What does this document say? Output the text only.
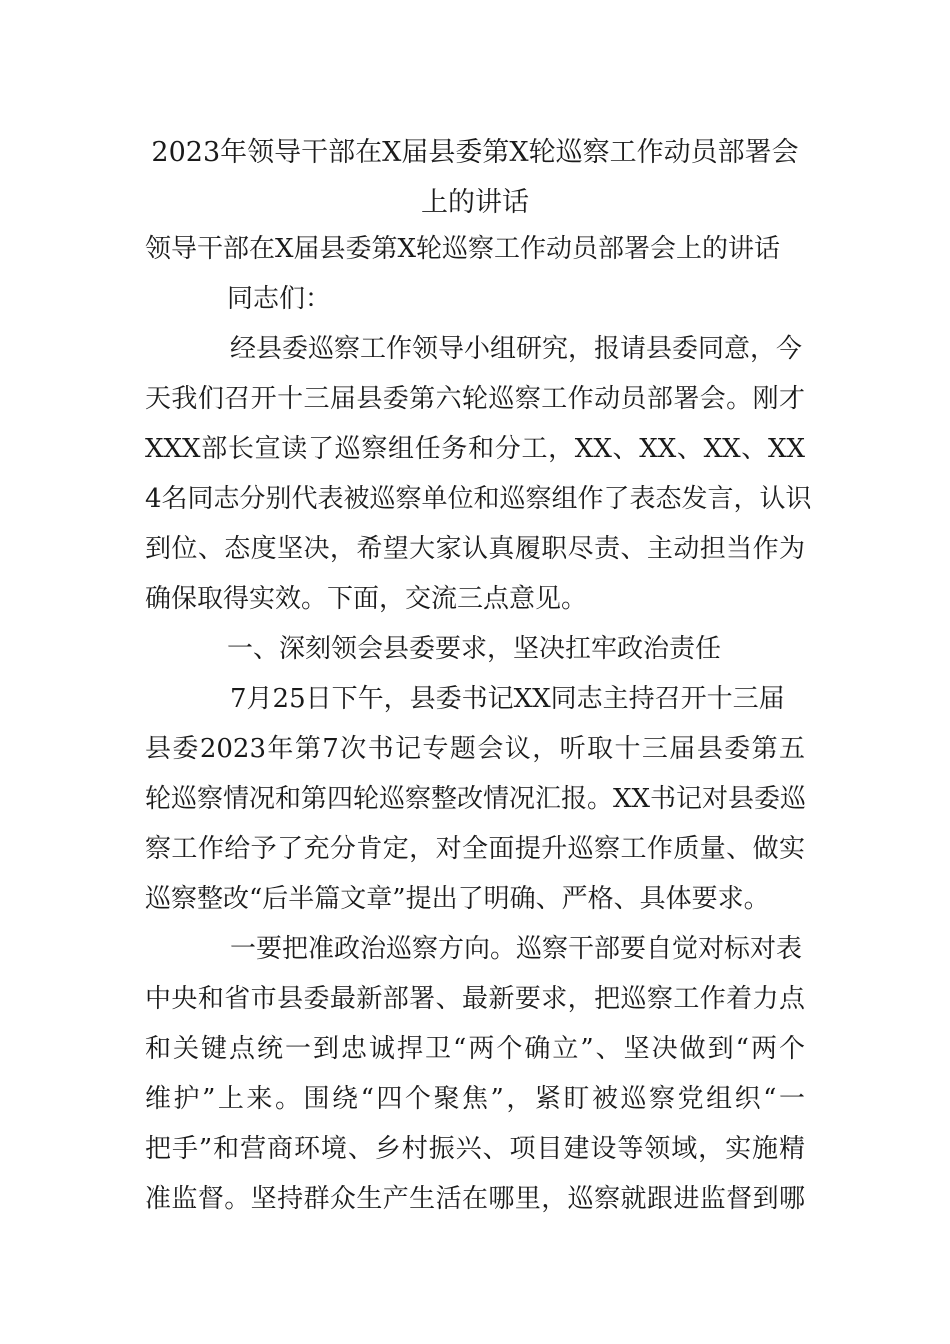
2023年领导干部在X届县委第X轮巡察工作动员部署会
上的讲话
领导干部在X届县委第X轮巡察工作动员部署会上的讲话
同志们：
经县委巡察工作领导小组研究，报请县委同意，今
天我们召开十三届县委第六轮巡察工作动员部署会。刚才
XXX部长宣读了巡察组任务和分工，XX、XX、XX、XX
4名同志分别代表被巡察单位和巡察组作了表态发言，认识
到位、态度坚决，希望大家认真履职尽责、主动担当作为
确保取得实效。下面，交流三点意见。
一、深刻领会县委要求，坚决扛牢政治责任
7月25日下午，县委书记XX同志主持召开十三届
县委2023年第7次书记专题会议，听取十三届县委第五
轮巡察情况和第四轮巡察整改情况汇报。XX书记对县委巡
察工作给予了充分肯定，对全面提升巡察工作质量、做实
巡察整改“后半篇文章”提出了明确、严格、具体要求。
一要把准政治巡察方向。巡察干部要自觉对标对表
中央和省市县委最新部署、最新要求，把巡察工作着力点
和关键点统一到忠诚捍卫“两个确立”、坚决做到“两个
维护”上来。围绕“四个聚焦”，紧盯被巡察党组织“一
把手”和营商环境、乡村振兴、项目建设等领域，实施精
准监督。坚持群众生产生活在哪里，巡察就跟进监督到哪
